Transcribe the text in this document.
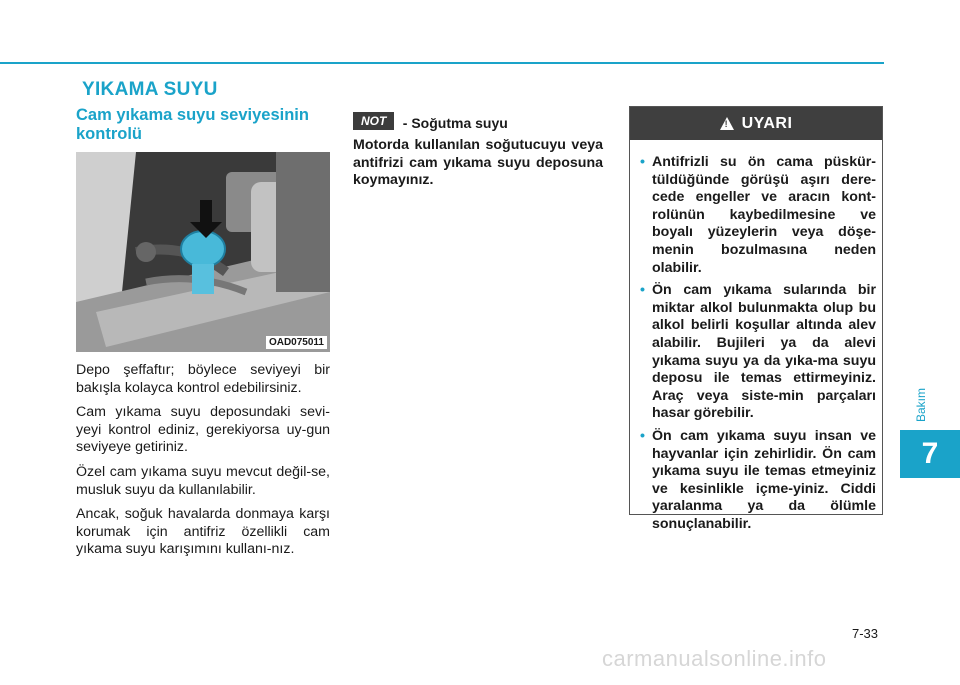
YIKAMA SUYU
Cam yıkama suyu seviyesinin kontrolü
OAD075011

Depo şeffaftır; böylece seviyeyi bir bakışla kolayca kontrol edebilirsiniz.

Cam yıkama suyu deposundaki sevi-yeyi kontrol ediniz, gerekiyorsa uy-gun seviyeye getiriniz.

Özel cam yıkama suyu mevcut değil-se, musluk suyu da kullanılabilir.

Ancak, soğuk havalarda donmaya karşı korumak için antifriz özellikli cam yıkama suyu karışımını kullanı-nız.

NOT - Soğutma suyu
Motorda kullanılan soğutucuyu veya antifrizi cam yıkama suyu deposuna koymayınız.
!
UYARI
• Antifrizli su ön cama püskür-tüldüğünde görüşü aşırı dere-cede engeller ve aracın kont-rolünün kaybedilmesine ve boyalı yüzeylerin veya döşe-menin bozulmasına neden olabilir.
• Ön cam yıkama sularında bir miktar alkol bulunmakta olup bu alkol belirli koşullar altında alev alabilir. Bujileri ya da alevi yıkama suyu ya da yıka-ma suyu deposu ile temas ettirmeyiniz. Araç veya siste-min parçaları hasar görebilir.
• Ön cam yıkama suyu insan ve hayvanlar için zehirlidir. Ön cam yıkama suyu ile temas etmeyiniz ve kesinlikle içme-yiniz. Ciddi yaralanma ya da ölümle sonuçlanabilir.
Bakım
7
7-33
carmanualsonline.info
